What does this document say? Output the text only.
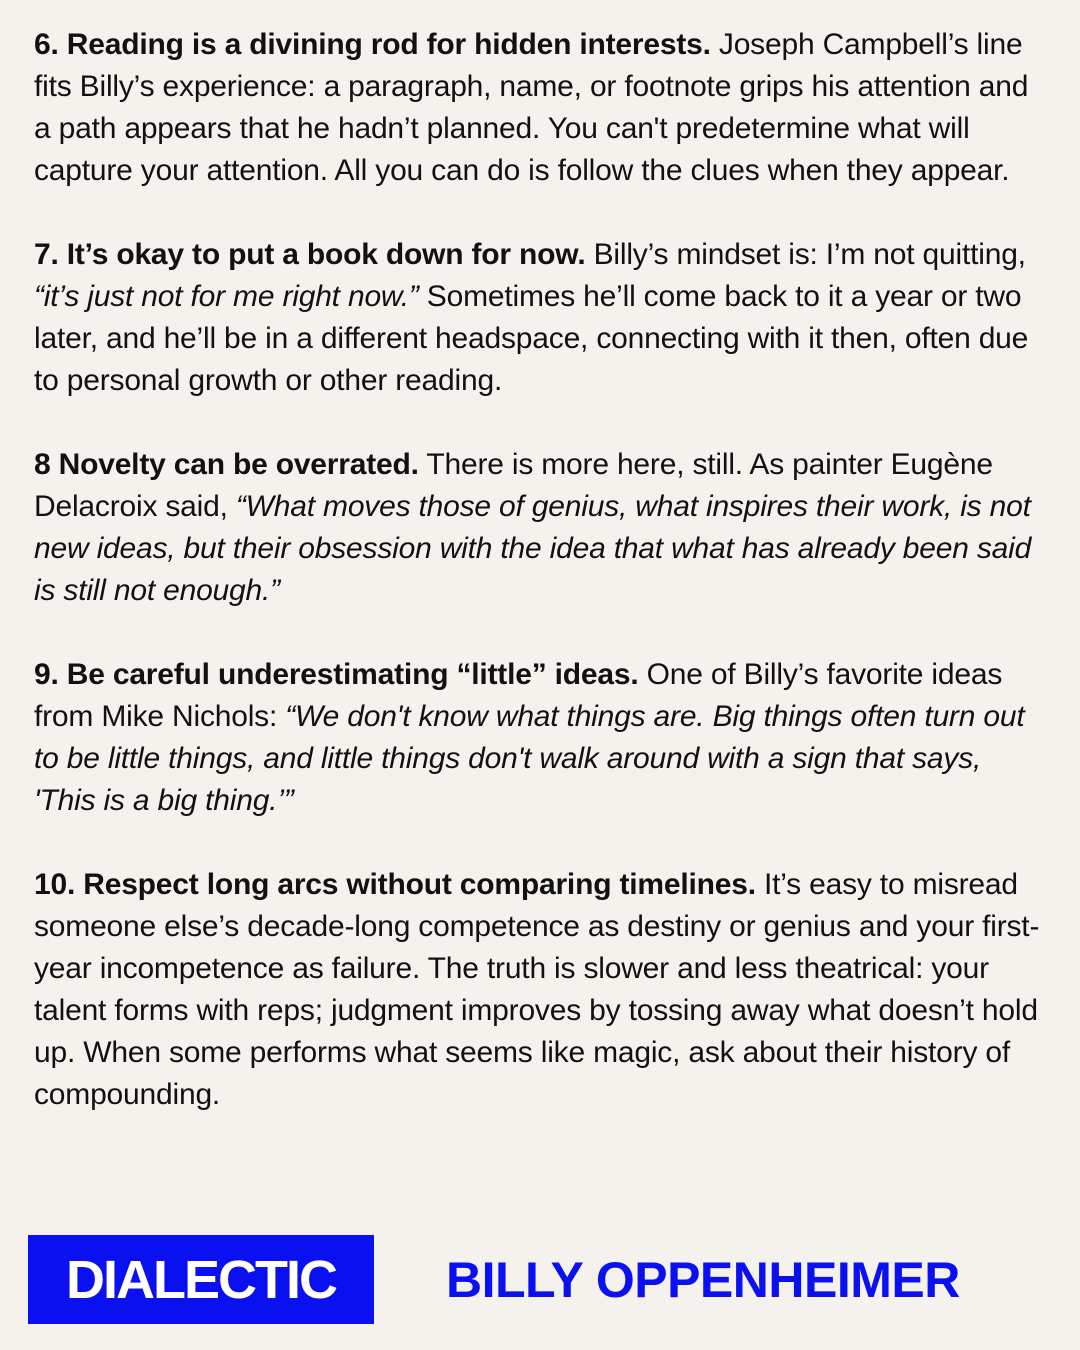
6. Reading is a divining rod for hidden interests. Joseph Campbell’s line fits Billy’s experience: a paragraph, name, or footnote grips his attention and a path appears that he hadn’t planned. You can't predetermine what will capture your attention. All you can do is follow the clues when they appear.

7. It’s okay to put a book down for now. Billy’s mindset is: I’m not quitting, “it’s just not for me right now.” Sometimes he’ll come back to it a year or two later, and he’ll be in a different headspace, connecting with it then, often due to personal growth or other reading.

8 Novelty can be overrated. There is more here, still. As painter Eugène Delacroix said, “What moves those of genius, what inspires their work, is not new ideas, but their obsession with the idea that what has already been said is still not enough.”

9. Be careful underestimating “little” ideas. One of Billy’s favorite ideas from Mike Nichols: “We don't know what things are. Big things often turn out to be little things, and little things don't walk around with a sign that says, 'This is a big thing.’”

10. Respect long arcs without comparing timelines. It’s easy to misread someone else’s decade-long competence as destiny or genius and your first-year incompetence as failure. The truth is slower and less theatrical: your talent forms with reps; judgment improves by tossing away what doesn’t hold up. When some performs what seems like magic, ask about their history of compounding.

DIALECTIC BILLY OPPENHEIMER
